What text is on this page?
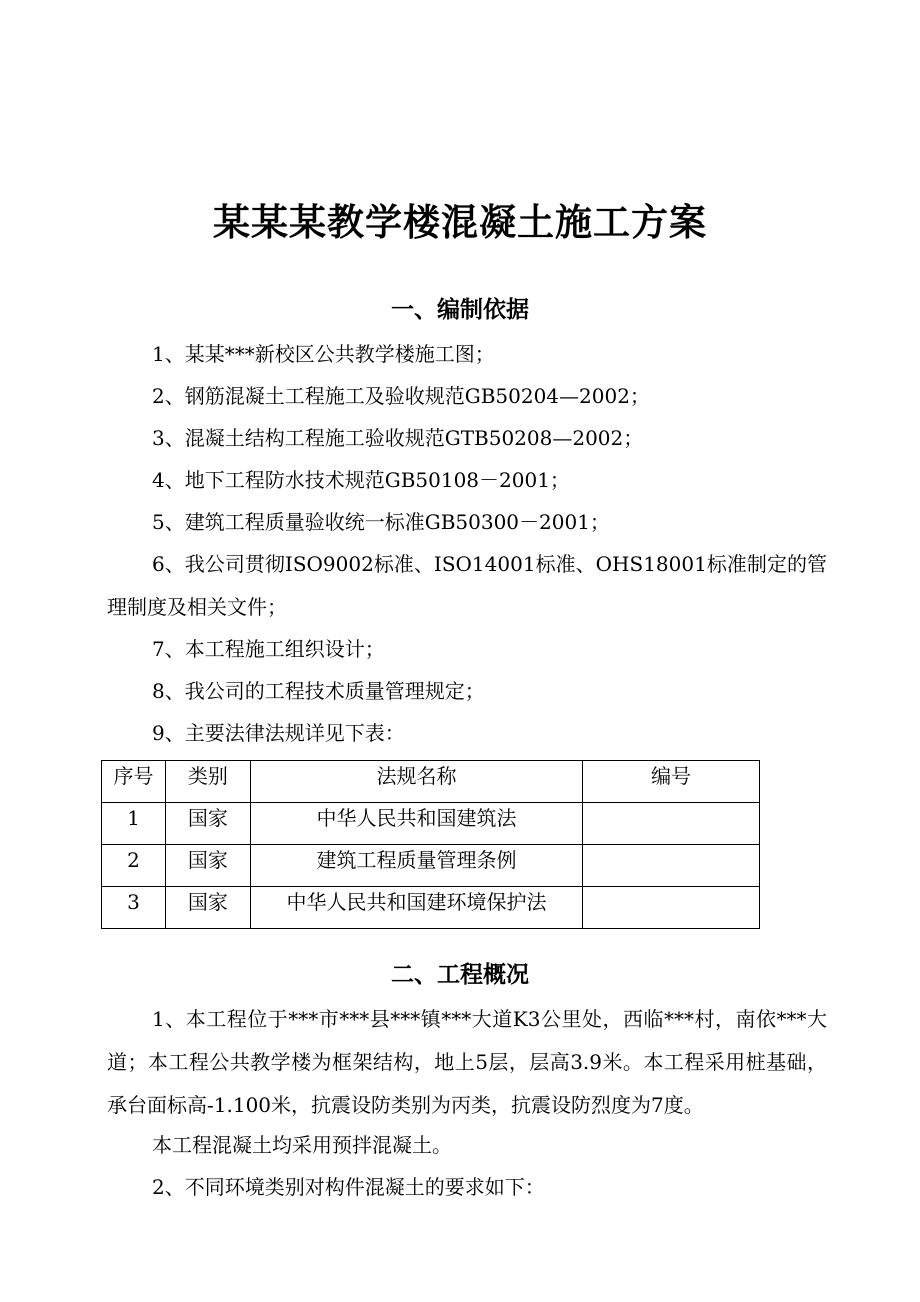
某某某教学楼混凝土施工方案
一、编制依据
1、某某***新校区公共教学楼施工图；
2、钢筋混凝土工程施工及验收规范GB50204—2002；
3、混凝土结构工程施工验收规范GTB50208—2002；
4、地下工程防水技术规范GB50108－2001；
5、建筑工程质量验收统一标准GB50300－2001；
6、我公司贯彻ISO9002标准、ISO14001标准、OHS18001标准制定的管理制度及相关文件；
7、本工程施工组织设计；
8、我公司的工程技术质量管理规定；
9、主要法律法规详见下表：
序号	类别	法规名称	编号
1	国家	中华人民共和国建筑法	
2	国家	建筑工程质量管理条例	
3	国家	中华人民共和国建环境保护法	
二、工程概况
1、本工程位于***市***县***镇***大道K3公里处，西临***村，南依***大道；本工程公共教学楼为框架结构，地上5层，层高3.9米。本工程采用桩基础，承台面标高-1.100米，抗震设防类别为丙类，抗震设防烈度为7度。
本工程混凝土均采用预拌混凝土。
2、不同环境类别对构件混凝土的要求如下：
